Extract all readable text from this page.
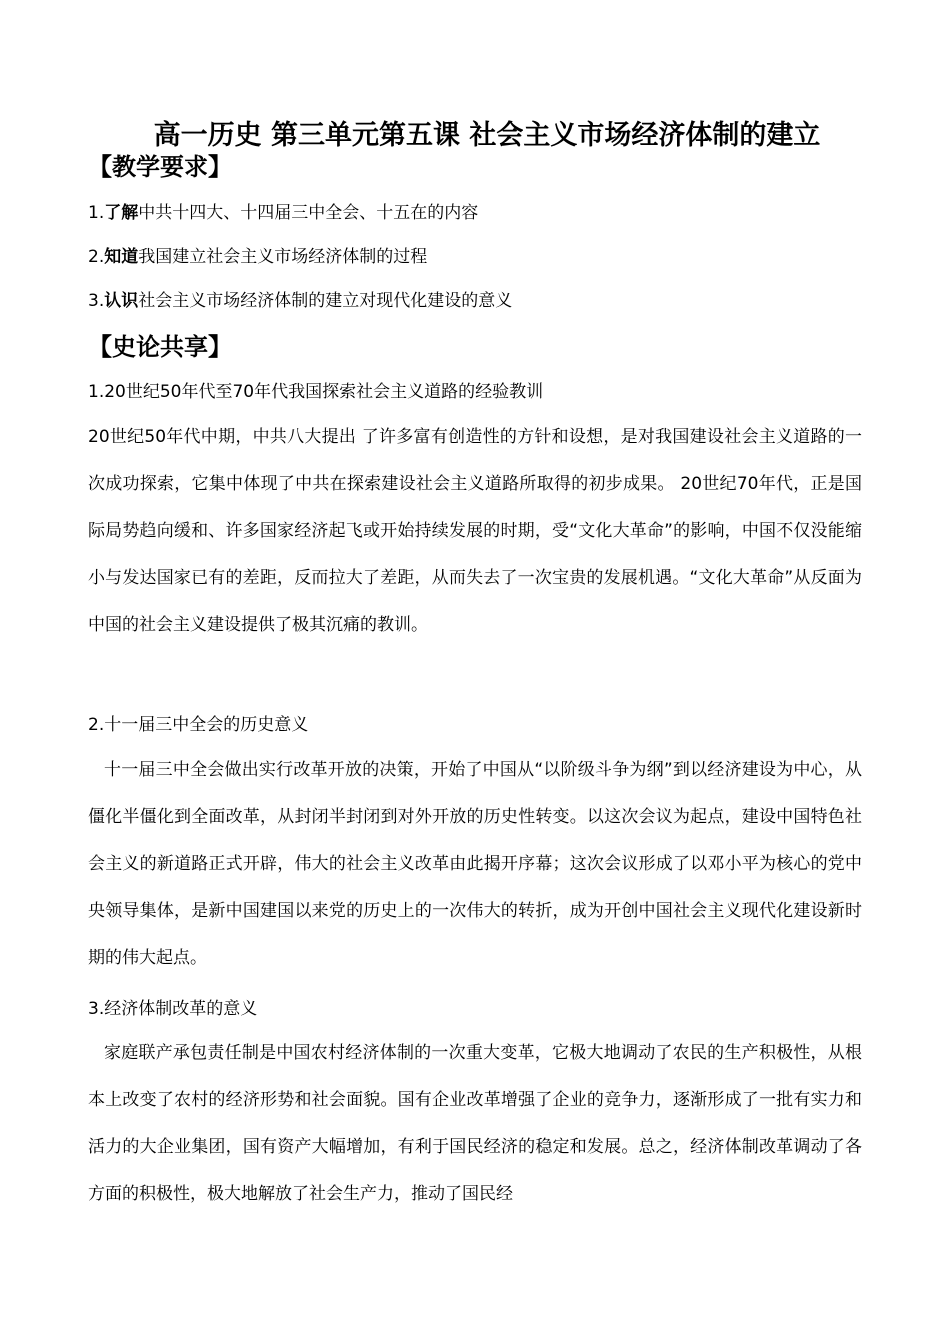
高一历史 第三单元第五课 社会主义市场经济体制的建立
【教学要求】

1.了解中共十四大、十四届三中全会、十五在的内容

2.知道我国建立社会主义市场经济体制的过程

3.认识社会主义市场经济体制的建立对现代化建设的意义

【史论共享】

1.20世纪50年代至70年代我国探索社会主义道路的经验教训

20世纪50年代中期，中共八大提出 了许多富有创造性的方针和设想，是对我国建设社会主义道路的一次成功探索，它集中体现了中共在探索建设社会主义道路所取得的初步成果。 20世纪70年代，正是国际局势趋向缓和、许多国家经济起飞或开始持续发展的时期，受“文化大革命”的影响，中国不仅没能缩小与发达国家已有的差距，反而拉大了差距，从而失去了一次宝贵的发展机遇。“文化大革命”从反面为中国的社会主义建设提供了极其沉痛的教训。

2.十一届三中全会的历史意义

十一届三中全会做出实行改革开放的决策，开始了中国从“以阶级斗争为纲”到以经济建设为中心，从僵化半僵化到全面改革，从封闭半封闭到对外开放的历史性转变。以这次会议为起点，建设中国特色社会主义的新道路正式开辟，伟大的社会主义改革由此揭开序幕；这次会议形成了以邓小平为核心的党中央领导集体，是新中国建国以来党的历史上的一次伟大的转折，成为开创中国社会主义现代化建设新时期的伟大起点。

3.经济体制改革的意义

家庭联产承包责任制是中国农村经济体制的一次重大变革，它极大地调动了农民的生产积极性，从根本上改变了农村的经济形势和社会面貌。国有企业改革增强了企业的竞争力，逐渐形成了一批有实力和活力的大企业集团，国有资产大幅增加，有利于国民经济的稳定和发展。总之，经济体制改革调动了各方面的积极性，极大地解放了社会生产力，推动了国民经
